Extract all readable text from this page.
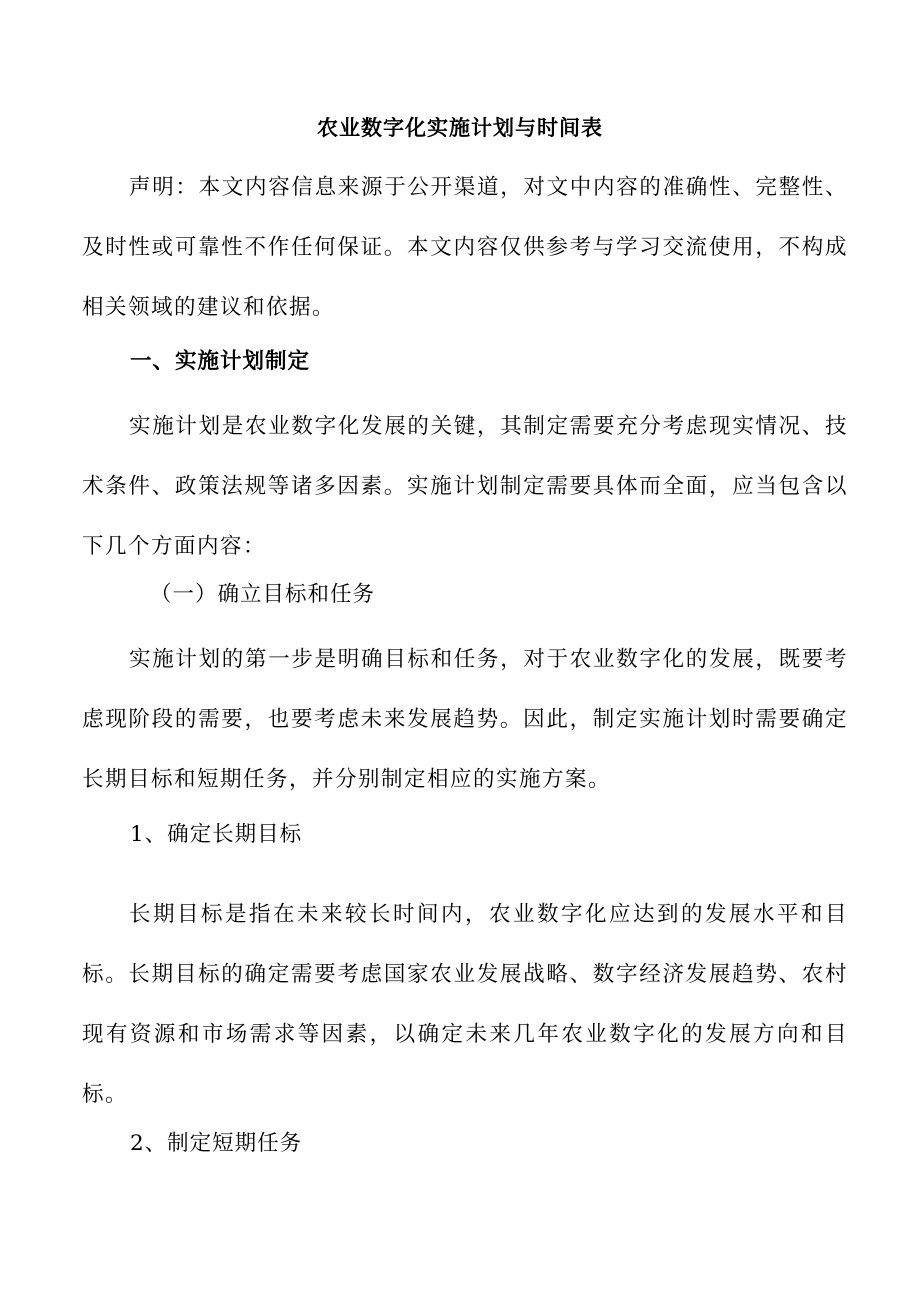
农业数字化实施计划与时间表

声明：本文内容信息来源于公开渠道，对文中内容的准确性、完整性、及时性或可靠性不作任何保证。本文内容仅供参考与学习交流使用，不构成相关领域的建议和依据。

一、实施计划制定

实施计划是农业数字化发展的关键，其制定需要充分考虑现实情况、技术条件、政策法规等诸多因素。实施计划制定需要具体而全面，应当包含以下几个方面内容：

（一）确立目标和任务

实施计划的第一步是明确目标和任务，对于农业数字化的发展，既要考虑现阶段的需要，也要考虑未来发展趋势。因此，制定实施计划时需要确定长期目标和短期任务，并分别制定相应的实施方案。

1、确定长期目标

长期目标是指在未来较长时间内，农业数字化应达到的发展水平和目标。长期目标的确定需要考虑国家农业发展战略、数字经济发展趋势、农村现有资源和市场需求等因素，以确定未来几年农业数字化的发展方向和目标。

2、制定短期任务
